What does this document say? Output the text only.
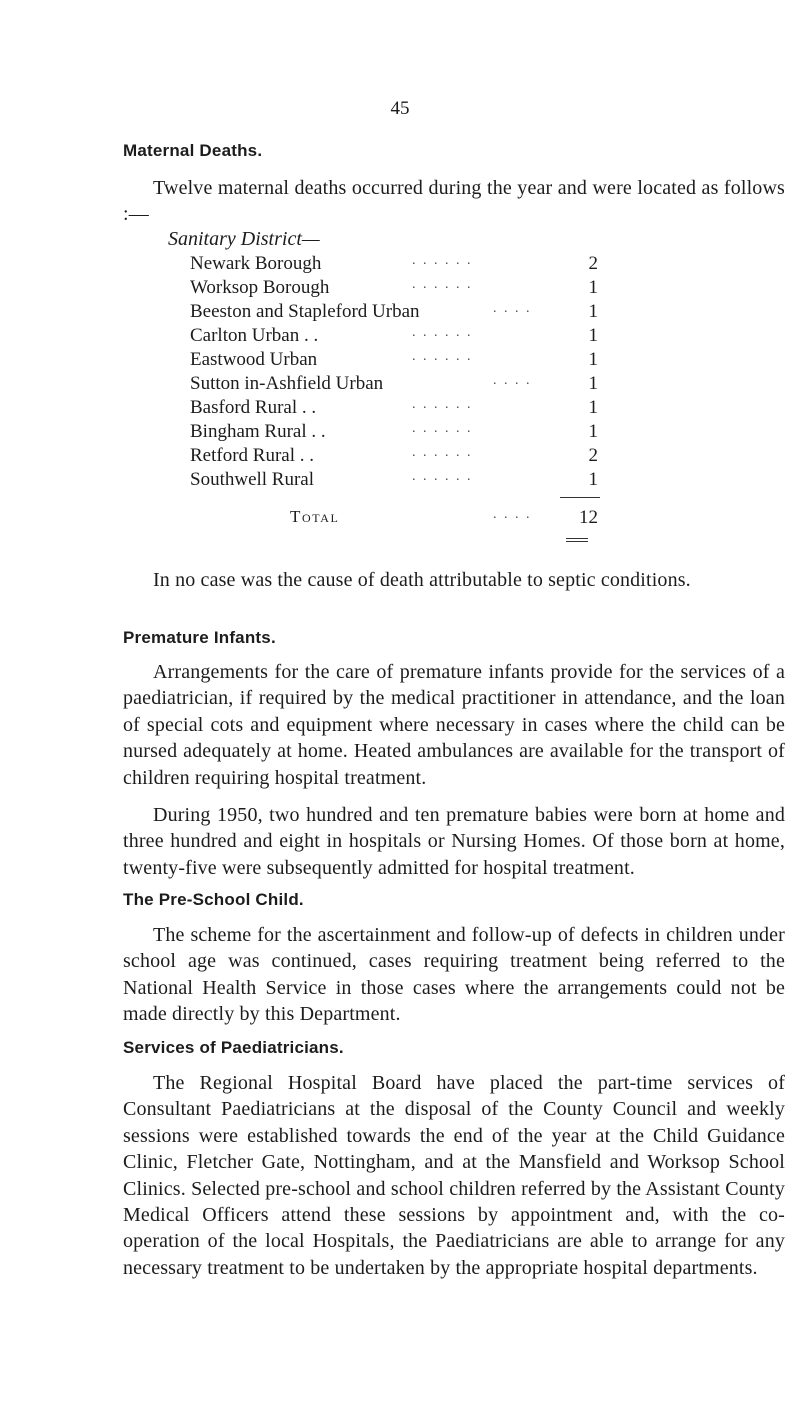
45
Maternal Deaths.

Twelve maternal deaths occurred during the year and were located as follows :—

Sanitary District—
Newark Borough	. . . . . .	2
Worksop Borough	. . . . . .	1
Beeston and Stapleford Urban	. . . .	1
Carlton Urban . .	. . . . . .	1
Eastwood Urban	. . . . . .	1
Sutton in-Ashfield Urban	. . . .	1
Basford Rural . .	. . . . . .	1
Bingham Rural . .	. . . . . .	1
Retford Rural . .	. . . . . .	2
Southwell Rural	. . . . . .	1
Total	. . . .	12

In no case was the cause of death attributable to septic conditions.

Premature Infants.

Arrangements for the care of premature infants provide for the services of a paediatrician, if required by the medical practitioner in attendance, and the loan of special cots and equipment where necessary in cases where the child can be nursed adequately at home. Heated ambulances are available for the transport of children requiring hospital treatment.

During 1950, two hundred and ten premature babies were born at home and three hundred and eight in hospitals or Nursing Homes. Of those born at home, twenty-five were subsequently admitted for hospital treatment.

The Pre-School Child.

The scheme for the ascertainment and follow-up of defects in children under school age was continued, cases requiring treatment being referred to the National Health Service in those cases where the arrangements could not be made directly by this Department.

Services of Paediatricians.

The Regional Hospital Board have placed the part-time services of Consultant Paediatricians at the disposal of the County Council and weekly sessions were established towards the end of the year at the Child Guidance Clinic, Fletcher Gate, Nottingham, and at the Mansfield and Worksop School Clinics. Selected pre-school and school children referred by the Assistant County Medical Officers attend these sessions by appointment and, with the co-operation of the local Hospitals, the Paediatricians are able to arrange for any necessary treatment to be undertaken by the appropriate hospital departments.
